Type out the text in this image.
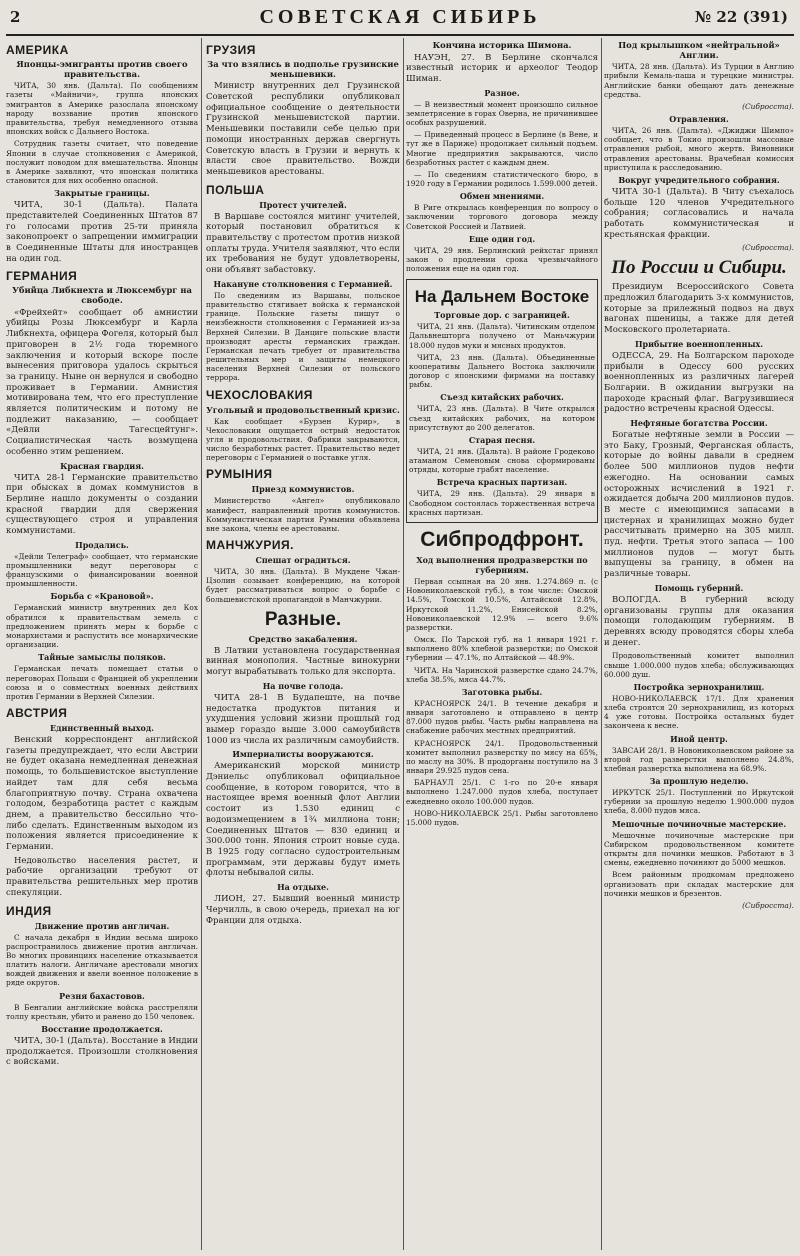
2	СОВЕТСКАЯ СИБИРЬ	№ 22 (391)
АМЕРИКА
Японцы-эмигранты против своего правительства.

ЧИТА, 30 янв. (Дальта). По сообщениям газеты «Майничи», группа японских эмигрантов в Америке разослала японскому народу воззвание против японского правительства, требуя немедленного отзыва японских войск с Дальнего Востока.

Сотрудник газеты считает, что поведение Японии в случае столкновения с Америкой, послужит поводом для вмешательства. Японцы в Америке заявляют, что японская политика становится для них особенно опасной.

Закрытые границы.

ЧИТА, 30-1 (Дальта). Палата представителей Соединенных Штатов 87 го голосами против 25-ти приняла законопроект о запрещении иммиграции в Соединенные Штаты для иностранцев на один год.

ГЕРМАНИЯ
Убийца Либкнехта и Люксембург на свободе.

«Фрейхейт» сообщает об амнистии убийцы Розы Люксембург и Карла Либкнехта, офицера Фогеля, который был приговорен в 2½ года тюремного заключения и который вскоре после вынесения приговора удалось скрыться за границу. Ныне он вернулся и свободно проживает в Германии. Амнистия мотивирована тем, что его преступление является политическим и потому не подлежит наказанию, — сообщает «Дейли Тагесцейтунг». Социалистическая часть возмущена особенно этим решением.

Красная гвардия.

ЧИТА 28-1 Германские правительство при обысках в домах коммунистов в Берлине нашло документы о создании красной гвардии для свержения существующего строя и управления коммунистами.

Продались.

«Дейли Телеграф» сообщает, что германские промышленники ведут переговоры с французскими о финансировании военной промышленности.

Борьба с «Крановой».

Германский министр внутренних дел Кох обратился к правительствам земель с предложением принять меры к борьбе с монархистами и распустить все монархические организации.

Тайные замыслы поляков.

Германская печать помещает статьи о переговорах Польши с Францией об укреплении союза и о совместных военных действиях против Германии в Верхней Силезии.

АВСТРИЯ
Единственный выход.

Венский корреспондент английской газеты предупреждает, что если Австрии не будет оказана немедленная денежная помощь, то большевистское выступление найдет там для себя весьма благоприятную почву. Страна охвачена голодом, безработица растет с каждым днем, а правительство бессильно что-либо сделать. Единственным выходом из положения является присоединение к Германии.

Недовольство населения растет, и рабочие организации требуют от правительства решительных мер против спекуляции.

ИНДИЯ
Движение против англичан.

С начала декабря в Индии весьма широко распространилось движение против англичан. Во многих провинциях население отказывается платить налоги. Англичане арестовали многих вождей движения и ввели военное положение в ряде округов.

Резня бахастовов.

В Бенгалии английские войска расстреляли толпу крестьян, убито и ранено до 150 человек.

Восстание продолжается.

ЧИТА, 30-1 (Дальта). Восстание в Индии продолжается. Произошли столкновения с войсками.

ГРУЗИЯ
За что взялись в подполье грузинские меньшевики.

Министр внутренних дел Грузинской Советской республики опубликовал официальное сообщение о деятельности Грузинской меньшевистской партии. Меньшевики поставили себе целью при помощи иностранных держав свергнуть Советскую власть в Грузии и вернуть к власти свое правительство. Вожди меньшевиков арестованы.

ПОЛЬША
Протест учителей.

В Варшаве состоялся митинг учителей, который постановил обратиться к правительству с протестом против низкой оплаты труда. Учителя заявляют, что если их требования не будут удовлетворены, они объявят забастовку.

Накануне столкновения с Германией.

По сведениям из Варшавы, польское правительство стягивает войска к германской границе. Польские газеты пишут о неизбежности столкновения с Германией из-за Верхней Силезии. В Данциге польские власти производят аресты германских граждан. Германская печать требует от правительства решительных мер и защиты немецкого населения Верхней Силезии от польского террора.

ЧЕХОСЛОВАКИЯ
Угольный и продовольственный кризис.

Как сообщает «Бурзен Курир», в Чехословакии ощущается острый недостаток угля и продовольствия. Фабрики закрываются, число безработных растет. Правительство ведет переговоры с Германией о поставке угля.

РУМЫНИЯ
Приезд коммунистов.

Министерство «Ангел» опубликовало манифест, направленный против коммунистов. Коммунистическая партия Румынии объявлена вне закона, члены ее арестованы.

МАНЧЖУРИЯ.
Спешат оградиться.

ЧИТА, 30 янв. (Дальта). В Мукдене Чжан-Цзолин созывает конференцию, на которой будет рассматриваться вопрос о борьбе с большевистской пропагандой в Манчжурии.

Разные.
Средство закабаления.

В Латвии установлена государственная винная монополия. Частные винокурни могут вырабатывать только для экспорта.

На почве голода.

ЧИТА 28-1 В Будапеште, на почве недостатка продуктов питания и ухудшения условий жизни прошлый год вымер гораздо выше 3.000 самоубийств 1000 из числа их различным самоубийств.

Империалисты вооружаются.

Американский морской министр Дэниельс опубликовал официальное сообщение, в котором говорится, что в настоящее время военный флот Англии состоит из 1.530 единиц с водоизмещением в 1¾ миллиона тонн; Соединенных Штатов — 830 единиц и 300.000 тонн. Япония строит новые суда. В 1925 году согласно судостроительным программам, эти державы будут иметь флоты небывалой силы.

На отдыхе.

ЛИОН, 27. Бывший военный министр Черчилль, в свою очередь, приехал на юг Франции для отдыха.

Кончина историка Шимона.

НАУЭН, 27. В Берлине скончался известный историк и археолог Теодор Шиман.

Разное.

— В неизвестный момент произошло сильное землетрясение в горах Оверна, не причинившее особых разрушений.

— Приведенный процесс в Берлине (в Вене, и тут же в Париже) продолжает сильный подъем. Многие предприятия закрываются, число безработных растет с каждым днем.

— По сведениям статистического бюро, в 1920 году в Германии родилось 1.599.000 детей.

Обмен мнениями.

В Риге открылась конференция по вопросу о заключении торгового договора между Советской Россией и Латвией.

Еще один год.

ЧИТА, 29 янв. Берлинский рейхстаг принял закон о продлении срока чрезвычайного положения еще на один год.

На Дальнем Востоке
Торговые дор. с заграницей.

ЧИТА, 21 янв. (Дальта). Читинским отделом Дальвнешторга получено от Маньчжурии 18.000 пудов муки и мясных продуктов.

ЧИТА, 23 янв. (Дальта). Объединенные кооперативы Дальнего Востока заключили договор с японскими фирмами на поставку рыбы.

Съезд китайских рабочих.

ЧИТА, 23 янв. (Дальта). В Чите открылся съезд китайских рабочих, на котором присутствуют до 200 делегатов.

Старая песня.

ЧИТА, 21 янв. (Дальта). В районе Гродеково атаманом Семеновым снова сформированы отряды, которые грабят население.

Встреча красных партизан.

ЧИТА, 29 янв. (Дальта). 29 января в Свободном состоялась торжественная встреча красных партизан.

Сибпродфронт.
Ход выполнения продразверстки по губерниям.

Первая ссыпная на 20 янв. 1.274.869 п. (с Новониколаевской губ.), в том числе: Омской 14.5%, Томской 10.5%, Алтайской 12.8%, Иркутской 11.2%, Енисейской 8.2%, Новониколаевской 12.9% — всего 9.6% разверстки.

Омск. По Тарской губ. на 1 января 1921 г. выполнено 80% хлебной разверстки; по Омской губернии — 47.1%, по Алтайской — 48.9%.

ЧИТА. На Чаринской разверстке сдано 24.7%, хлеба 38.5%, мяса 44.7%.

Заготовка рыбы.

КРАСНОЯРСК 24/1. В течение декабря и января заготовлено и отправлено в центр 87.000 пудов рыбы. Часть рыбы направлена на снабжение рабочих местных предприятий.

КРАСНОЯРСК 24/1. Продовольственный комитет выполнил разверстку по мясу на 65%, по маслу на 30%. В продорганы поступило на 3 января 29.925 пудов сена.

БАРНАУЛ 25/1. С 1-го по 20-е января выполнено 1.247.000 пудов хлеба, поступает ежедневно около 100.000 пудов.

НОВО-НИКОЛАЕВСК 25/1. Рыбы заготовлено 15.000 пудов.

Под крылышком «нейтральной» Англии.

ЧИТА, 28 янв. (Дальта). Из Турции в Англию прибыли Кемаль-паша и турецкие министры. Английские банки обещают дать денежные средства.

(Сибросста).
Отравления.

ЧИТА, 26 янв. (Дальта). «Джиджи Шимпо» сообщает, что в Токио произошли массовые отравления рыбой, много жертв. Виновники отравления арестованы. Врачебная комиссия приступила к расследованию.

Вокруг учредительного собрания.

ЧИТА 30-1 (Дальта). В Читу съехалось больше 120 членов Учредительного собрания; согласовались и начала работать коммунистическая и крестьянская фракции.

(Сибросста).
По России и Сибири.

Президиум Всероссийского Совета предложил благодарить 3-х коммунистов, которые за прилежный подвоз на двух вагонах пшеницы, а также для детей Московского пролетариата.

Прибытие военнопленных.

ОДЕССА, 29. На Болгарском пароходе прибыли в Одессу 600 русских военнопленных из различных лагерей Болгарии. В ожидании выгрузки на пароходе красный флаг. Вагрузившиеся радостно встречены красной Одессы.

Нефтяные богатства России.

Богатые нефтяные земли в России — это Баку, Грозный, Ферганская область, которые до войны давали в среднем более 500 миллионов пудов нефти ежегодно. На основании самых осторожных исчислений в 1921 г. ожидается добыча 200 миллионов пудов. В месте с имеющимися запасами в цистернах и хранилищах можно будет рассчитывать примерно на 305 милл. пуд. нефти. Третья этого запаса — 100 миллионов пудов — могут быть выпущены за границу, в обмен на различные товары.

Помощь губерний.

ВОЛОГДА. В губерний всюду организованы группы для оказания помощи голодающим губерниям. В деревнях всюду проводятся сборы хлеба и денег.

Продовольственный комитет выполнил свыше 1.000.000 пудов хлеба; обслуживающих 60.000 душ.

Постройка зернохранилищ.

НОВО-НИКОЛАЕВСК 17/1. Для хранения хлеба строятся 20 зернохранилищ, из которых 4 уже готовы. Постройка остальных будет закончена к весне.

Иной центр.

ЗАВСАИ 28/1. В Новониколаевском районе за второй год разверстки выполнено 24.8%, хлебная разверстка выполнена на 68.9%.

За прошлую неделю.

ИРКУТСК 25/1. Поступлений по Иркутской губернии за прошлую неделю 1.900.000 пудов хлеба, 8.000 пудов мяса.

Мешочные починочные мастерские.

Мешочные починочные мастерские при Сибирском продовольственном комитете открыты для починки мешков. Работают в 3 смены, ежедневно починяют до 5000 мешков.

Всем районным продкомам предложено организовать при складах мастерские для починки мешков и брезентов.

(Сибросста).
